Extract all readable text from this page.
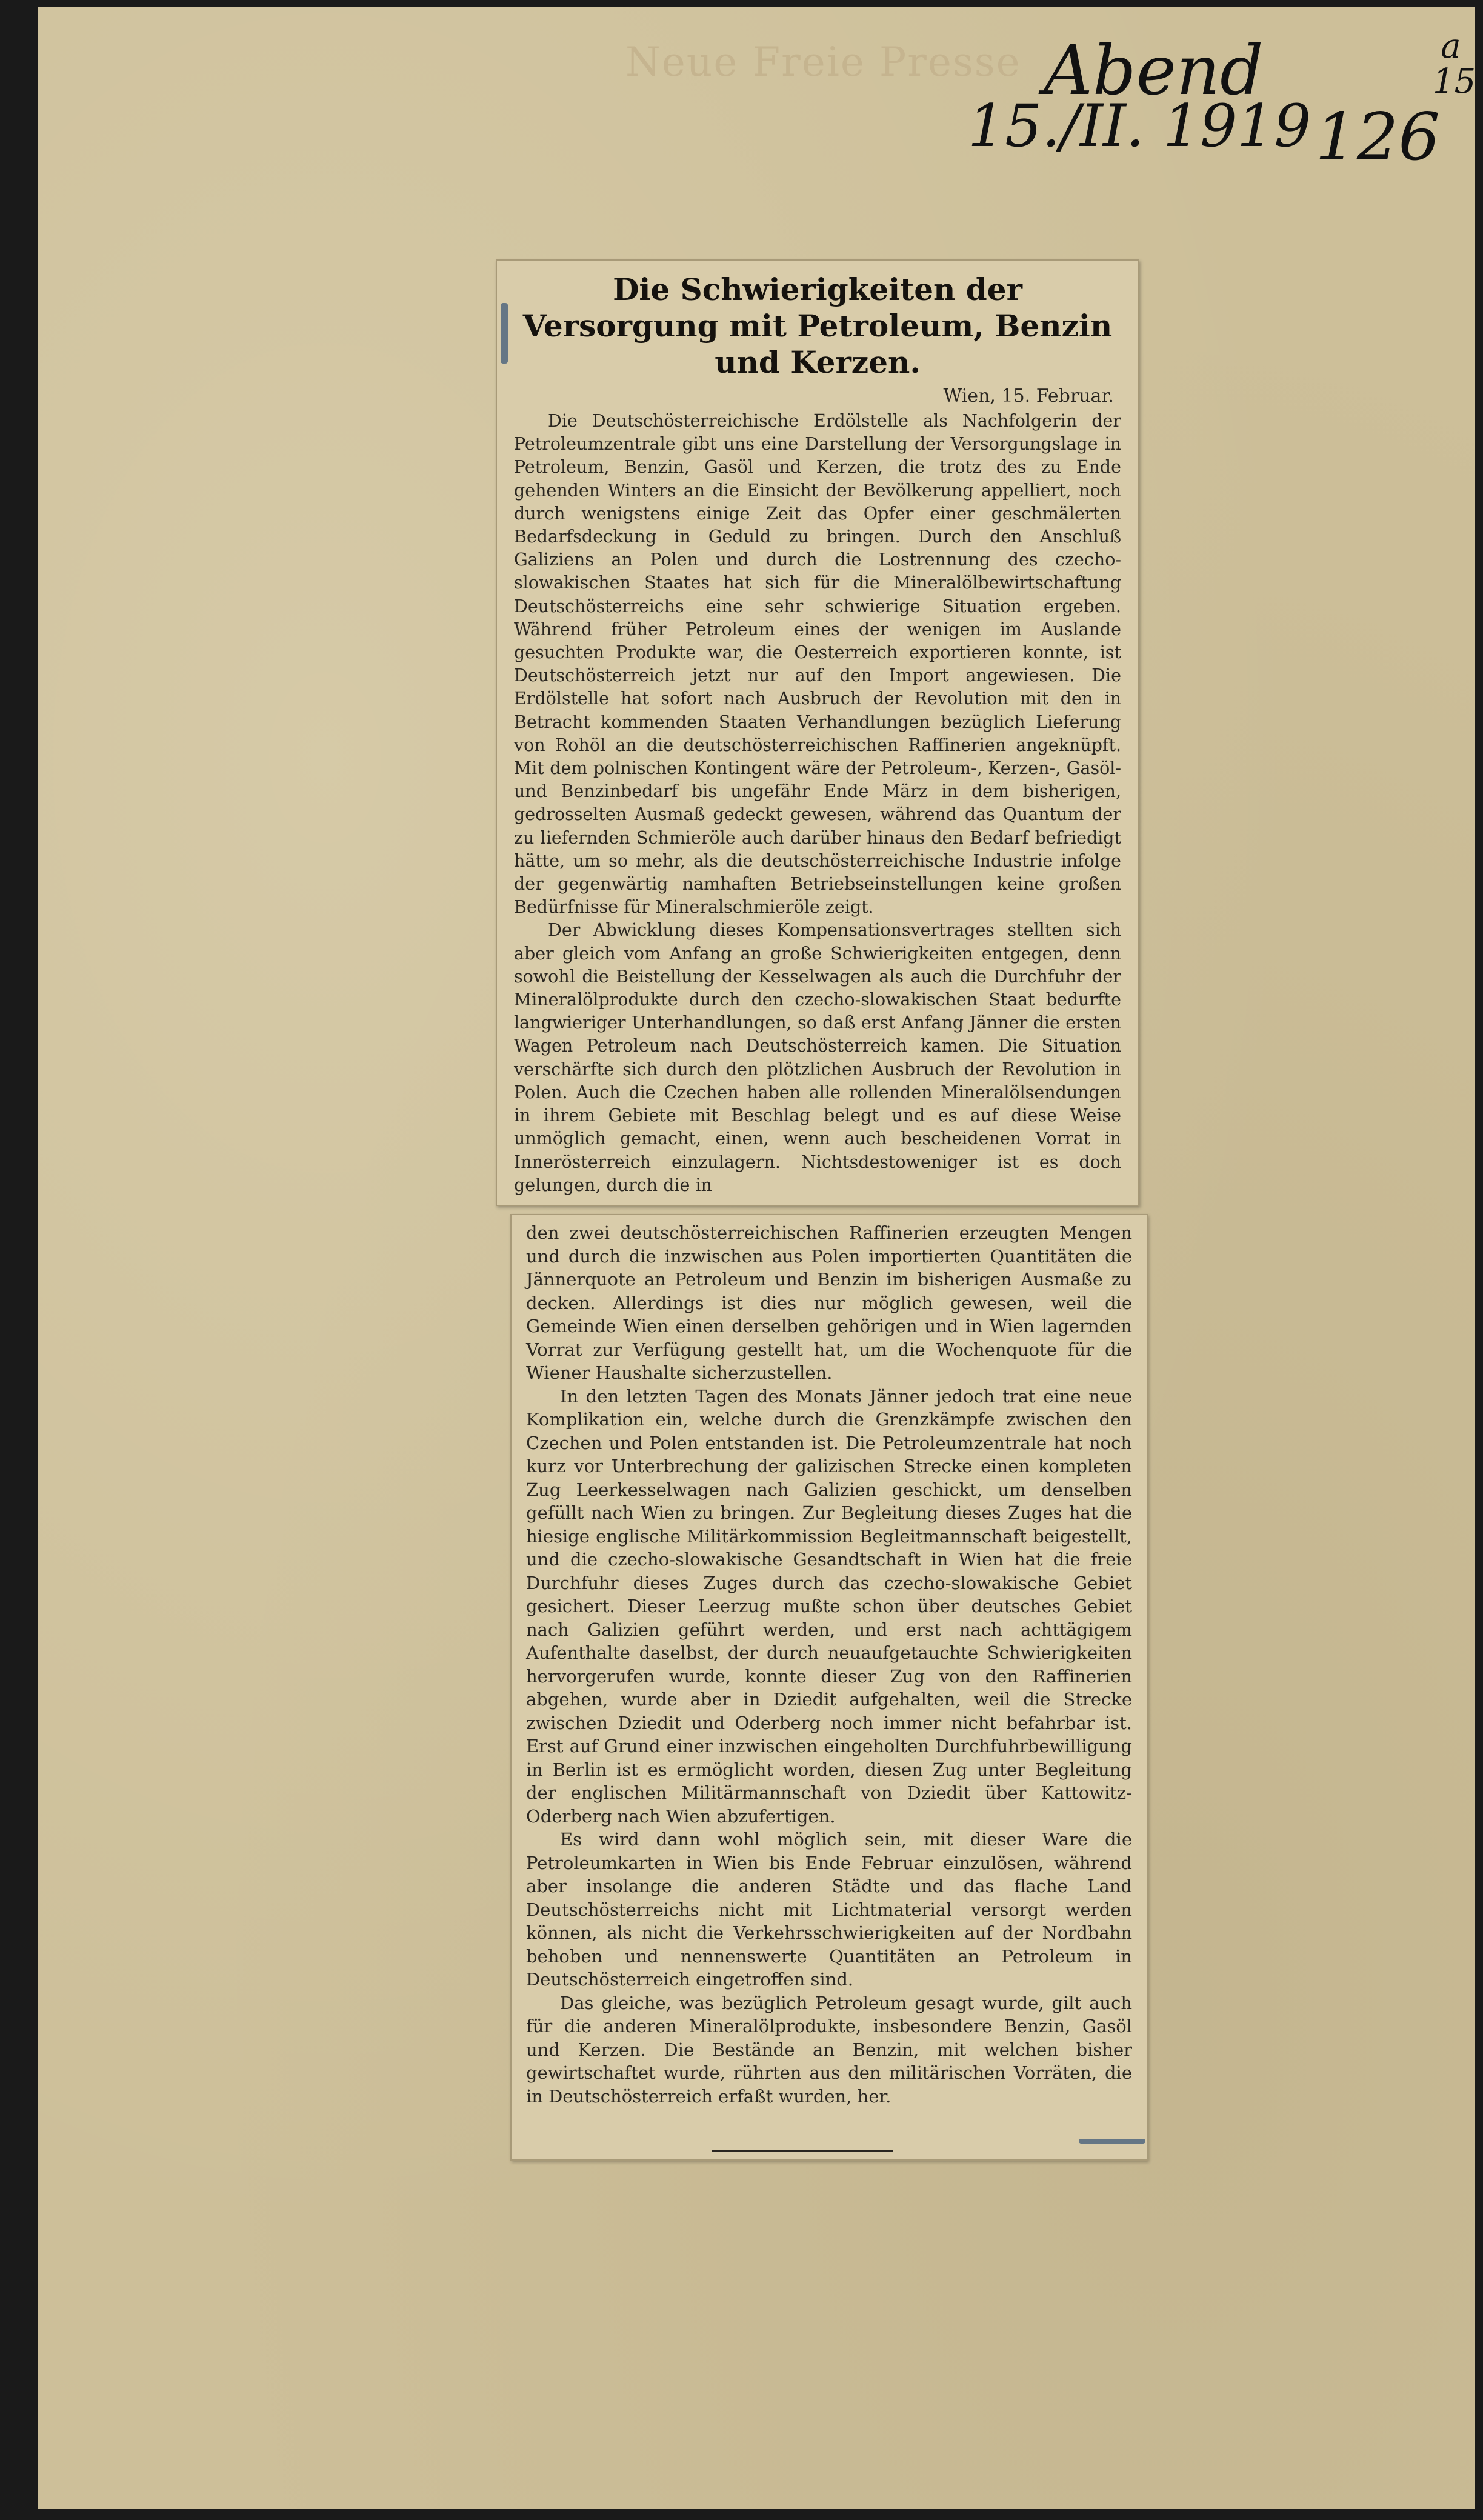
Neue Freie Presse Abend
15./II. 1919 126
a 15
Die Schwierigkeiten der Versorgung mit Petroleum, Benzin und Kerzen.
Wien, 15. Februar.

Die Deutschösterreichische Erdölstelle als Nachfolgerin der Petroleumzentrale gibt uns eine Darstellung der Versorgungslage in Petroleum, Benzin, Gasöl und Kerzen, die trotz des zu Ende gehenden Winters an die Einsicht der Bevölkerung appelliert, noch durch wenigstens einige Zeit das Opfer einer geschmälerten Bedarfsdeckung in Geduld zu bringen. Durch den Anschluß Galiziens an Polen und durch die Lostrennung des czecho-slowakischen Staates hat sich für die Mineralölbewirtschaftung Deutschösterreichs eine sehr schwierige Situation ergeben. Während früher Petroleum eines der wenigen im Auslande gesuchten Produkte war, die Oesterreich exportieren konnte, ist Deutschösterreich jetzt nur auf den Import angewiesen. Die Erdölstelle hat sofort nach Ausbruch der Revolution mit den in Betracht kommenden Staaten Verhandlungen bezüglich Lieferung von Rohöl an die deutschösterreichischen Raffinerien angeknüpft. Mit dem polnischen Kontingent wäre der Petroleum-, Kerzen-, Gasöl- und Benzinbedarf bis ungefähr Ende März in dem bisherigen, gedrosselten Ausmaß gedeckt gewesen, während das Quantum der zu liefernden Schmieröle auch darüber hinaus den Bedarf befriedigt hätte, um so mehr, als die deutschösterreichische Industrie infolge der gegenwärtig namhaften Betriebseinstellungen keine großen Bedürfnisse für Mineralschmieröle zeigt.

Der Abwicklung dieses Kompensationsvertrages stellten sich aber gleich vom Anfang an große Schwierigkeiten entgegen, denn sowohl die Beistellung der Kesselwagen als auch die Durchfuhr der Mineralölprodukte durch den czecho-slowakischen Staat bedurfte langwieriger Unterhandlungen, so daß erst Anfang Jänner die ersten Wagen Petroleum nach Deutschösterreich kamen. Die Situation verschärfte sich durch den plötzlichen Ausbruch der Revolution in Polen. Auch die Czechen haben alle rollenden Mineralölsendungen in ihrem Gebiete mit Beschlag belegt und es auf diese Weise unmöglich gemacht, einen, wenn auch bescheidenen Vorrat in Innerösterreich einzulagern. Nichtsdestoweniger ist es doch gelungen, durch die in

den zwei deutschösterreichischen Raffinerien erzeugten Mengen und durch die inzwischen aus Polen importierten Quantitäten die Jännerquote an Petroleum und Benzin im bisherigen Ausmaße zu decken. Allerdings ist dies nur möglich gewesen, weil die Gemeinde Wien einen derselben gehörigen und in Wien lagernden Vorrat zur Verfügung gestellt hat, um die Wochenquote für die Wiener Haushalte sicherzustellen.

In den letzten Tagen des Monats Jänner jedoch trat eine neue Komplikation ein, welche durch die Grenzkämpfe zwischen den Czechen und Polen entstanden ist. Die Petroleumzentrale hat noch kurz vor Unterbrechung der galizischen Strecke einen kompleten Zug Leerkesselwagen nach Galizien geschickt, um denselben gefüllt nach Wien zu bringen. Zur Begleitung dieses Zuges hat die hiesige englische Militärkommission Begleitmannschaft beigestellt, und die czecho-slowakische Gesandtschaft in Wien hat die freie Durchfuhr dieses Zuges durch das czecho-slowakische Gebiet gesichert. Dieser Leerzug mußte schon über deutsches Gebiet nach Galizien geführt werden, und erst nach achttägigem Aufenthalte daselbst, der durch neuaufgetauchte Schwierigkeiten hervorgerufen wurde, konnte dieser Zug von den Raffinerien abgehen, wurde aber in Dziedit aufgehalten, weil die Strecke zwischen Dziedit und Oderberg noch immer nicht befahrbar ist. Erst auf Grund einer inzwischen eingeholten Durchfuhrbewilligung in Berlin ist es ermöglicht worden, diesen Zug unter Begleitung der englischen Militärmannschaft von Dziedit über Kattowitz-Oderberg nach Wien abzufertigen.

Es wird dann wohl möglich sein, mit dieser Ware die Petroleumkarten in Wien bis Ende Februar einzulösen, während aber insolange die anderen Städte und das flache Land Deutschösterreichs nicht mit Lichtmaterial versorgt werden können, als nicht die Verkehrsschwierigkeiten auf der Nordbahn behoben und nennenswerte Quantitäten an Petroleum in Deutschösterreich eingetroffen sind.

Das gleiche, was bezüglich Petroleum gesagt wurde, gilt auch für die anderen Mineralölprodukte, insbesondere Benzin, Gasöl und Kerzen. Die Bestände an Benzin, mit welchen bisher gewirtschaftet wurde, rührten aus den militärischen Vorräten, die in Deutschösterreich erfaßt wurden, her.
